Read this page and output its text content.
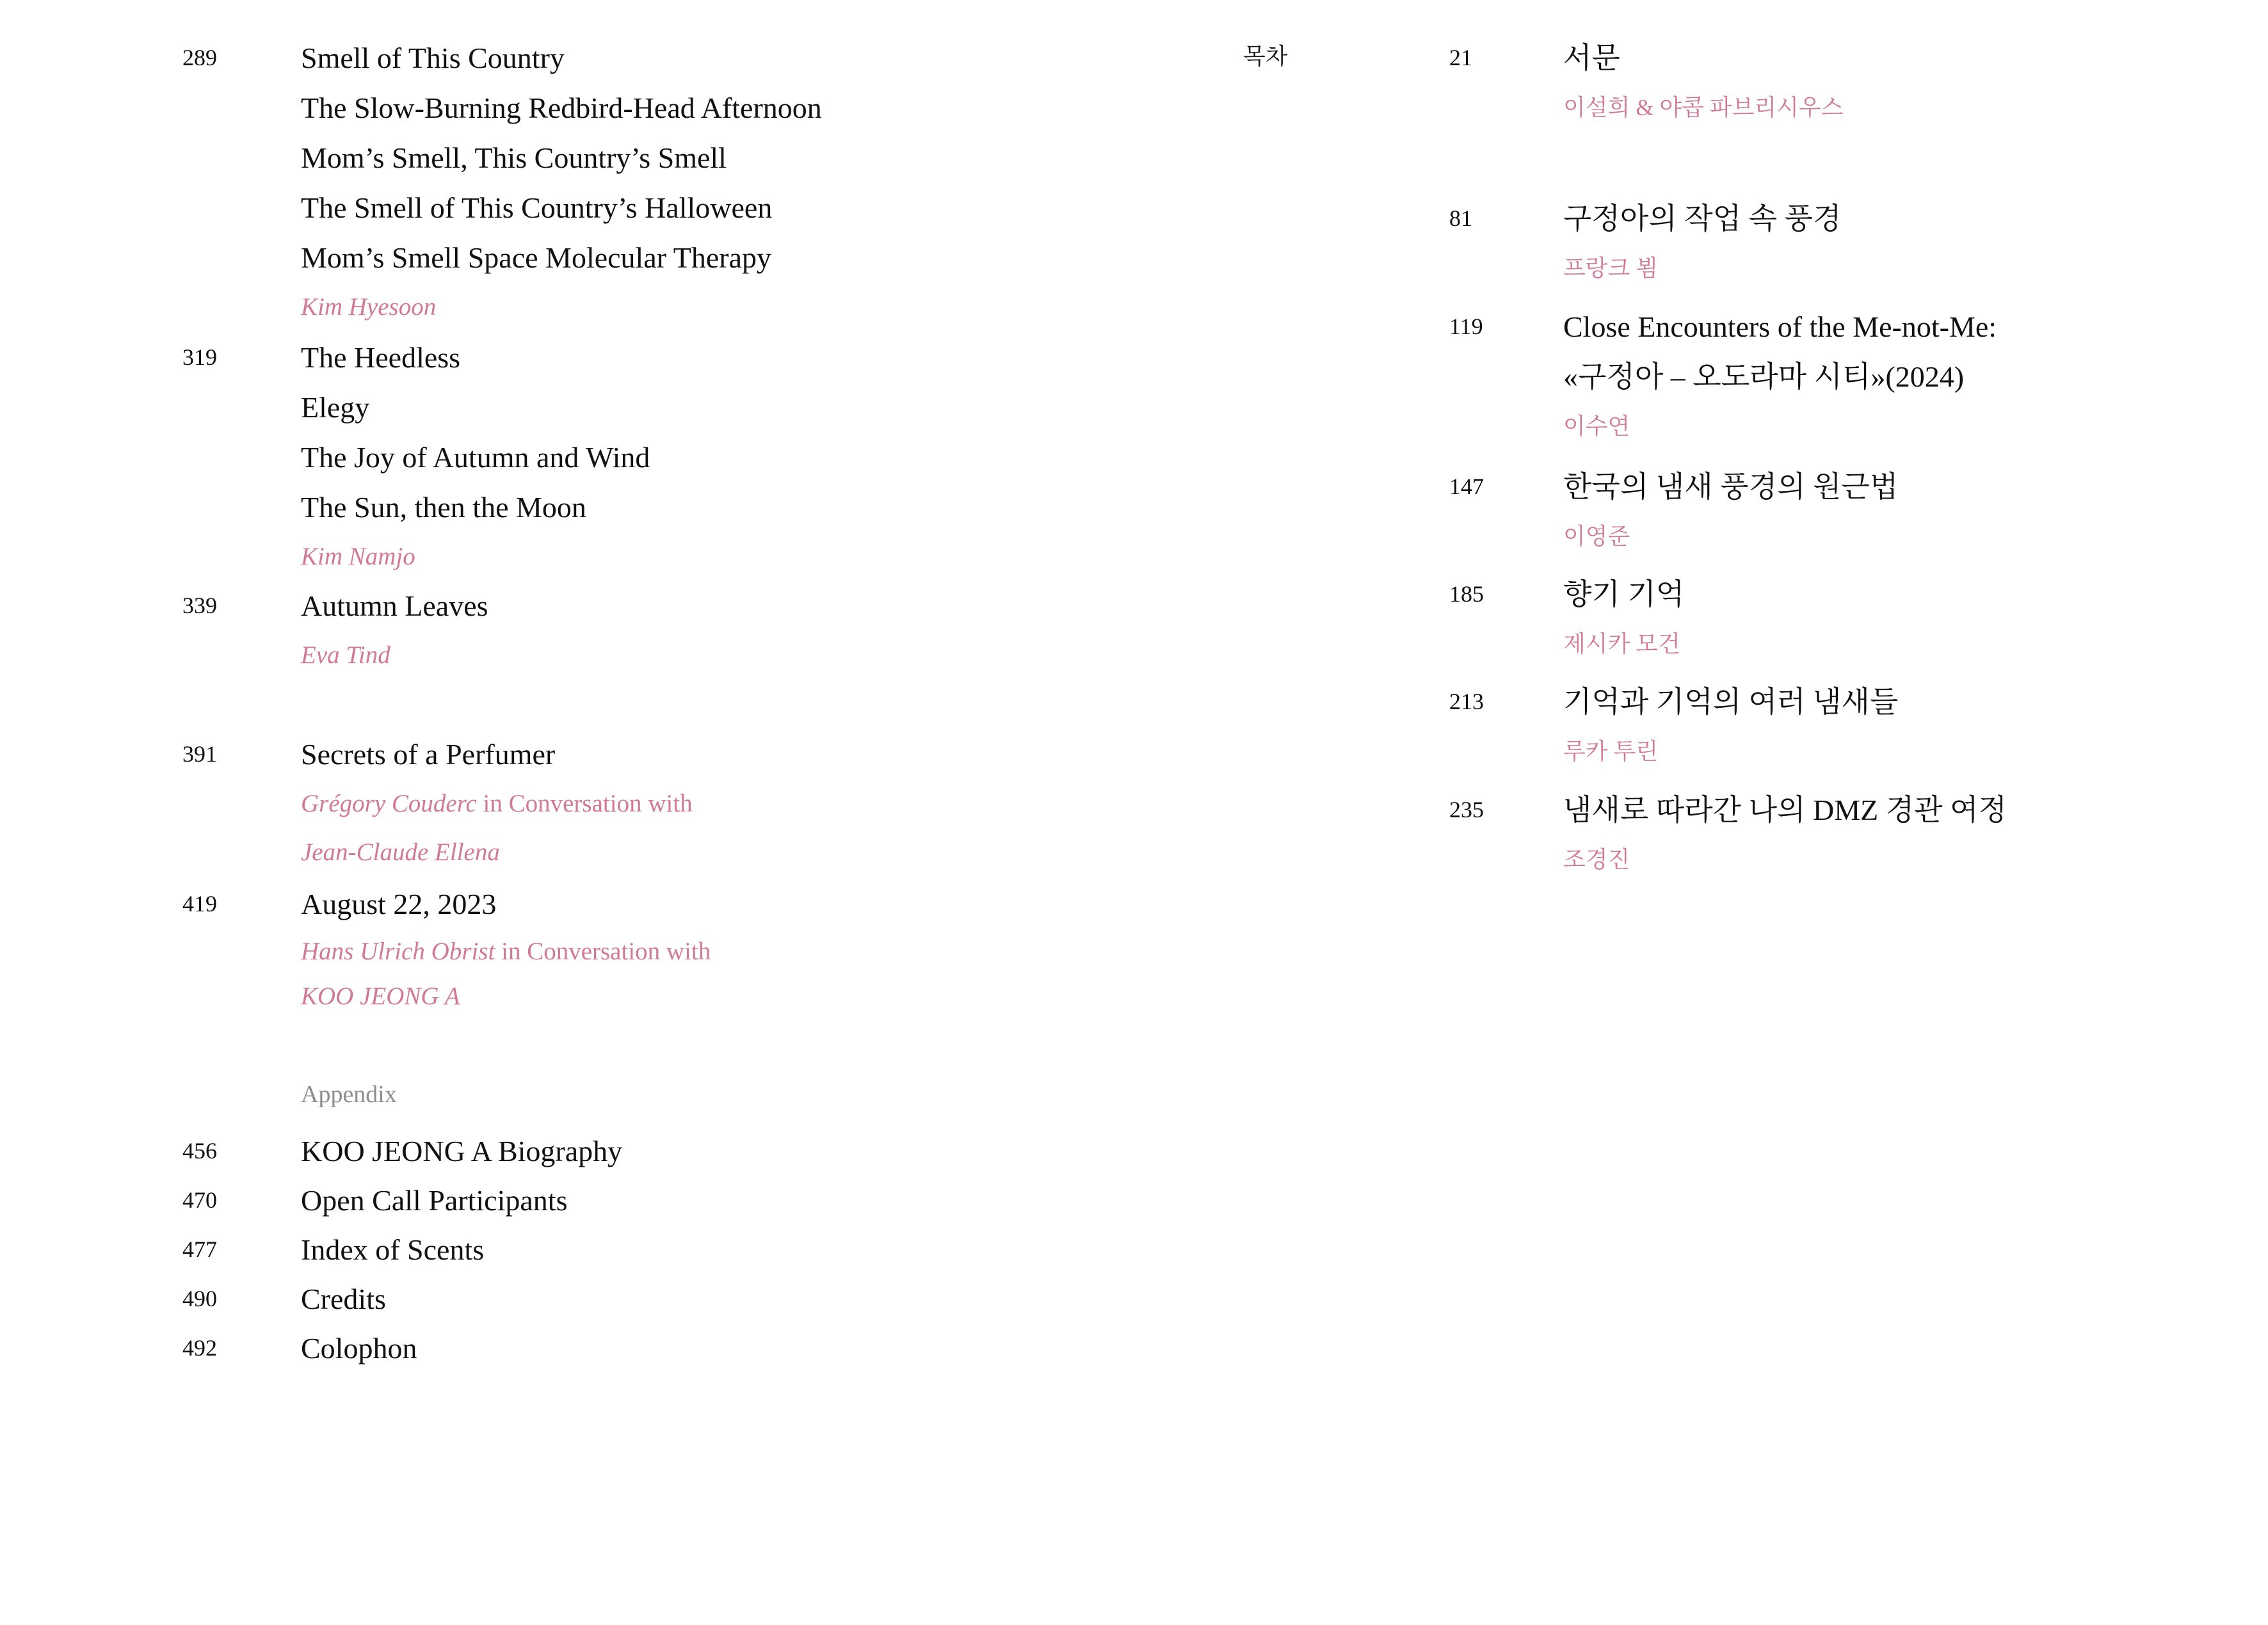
289	Smell of This Country
The Slow-Burning Redbird-Head Afternoon
Mom’s Smell, This Country’s Smell
The Smell of This Country’s Halloween
Mom’s Smell Space Molecular Therapy
Kim Hyesoon
319	The Heedless
Elegy
The Joy of Autumn and Wind
The Sun, then the Moon
Kim Namjo
339	Autumn Leaves
Eva Tind
391	Secrets of a Perfumer
Grégory Couderc in Conversation with
Jean-Claude Ellena
419	August 22, 2023
Hans Ulrich Obrist in Conversation with
KOO JEONG A
Appendix
456	KOO JEONG A Biography
470	Open Call Participants
477	Index of Scents
490	Credits
492	Colophon
목차	21	서문
이설희 & 야콥 파브리시우스
81	구정아의 작업 속 풍경
프랑크 뵘
119	Close Encounters of the Me-not-Me:
«구정아 – 오도라마 시티»(2024)
이수연
147	한국의 냄새 풍경의 원근법
이영준
185	향기 기억
제시카 모건
213	기억과 기억의 여러 냄새들
루카 투린
235	냄새로 따라간 나의 DMZ 경관 여정
조경진
